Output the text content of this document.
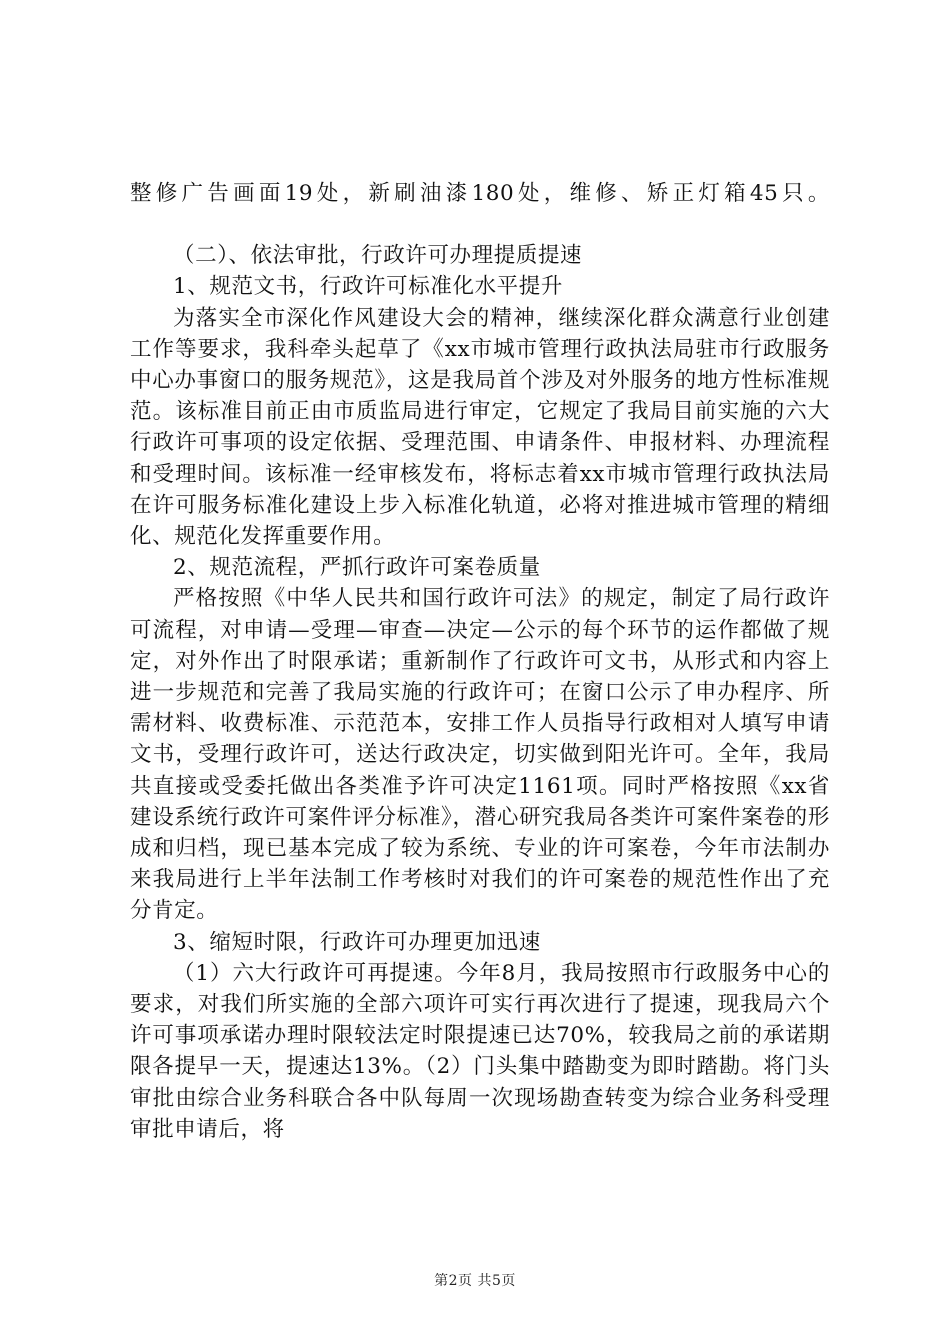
整修广告画面19处，新刷油漆180处，维修、矫正灯箱45只。

（二）、依法审批，行政许可办理提质提速

1、规范文书，行政许可标准化水平提升

为落实全市深化作风建设大会的精神，继续深化群众满意行业创建工作等要求，我科牵头起草了《xx市城市管理行政执法局驻市行政服务中心办事窗口的服务规范》，这是我局首个涉及对外服务的地方性标准规范。该标准目前正由市质监局进行审定，它规定了我局目前实施的六大行政许可事项的设定依据、受理范围、申请条件、申报材料、办理流程和受理时间。该标准一经审核发布，将标志着xx市城市管理行政执法局在许可服务标准化建设上步入标准化轨道，必将对推进城市管理的精细化、规范化发挥重要作用。

2、规范流程，严抓行政许可案卷质量

严格按照《中华人民共和国行政许可法》的规定，制定了局行政许可流程，对申请—受理—审查—决定—公示的每个环节的运作都做了规定，对外作出了时限承诺；重新制作了行政许可文书，从形式和内容上进一步规范和完善了我局实施的行政许可；在窗口公示了申办程序、所需材料、收费标准、示范范本，安排工作人员指导行政相对人填写申请文书，受理行政许可，送达行政决定，切实做到阳光许可。全年，我局共直接或受委托做出各类准予许可决定1161项。同时严格按照《xx省建设系统行政许可案件评分标准》，潜心研究我局各类许可案件案卷的形成和归档，现已基本完成了较为系统、专业的许可案卷，今年市法制办来我局进行上半年法制工作考核时对我们的许可案卷的规范性作出了充分肯定。

3、缩短时限，行政许可办理更加迅速

（1）六大行政许可再提速。今年8月，我局按照市行政服务中心的要求，对我们所实施的全部六项许可实行再次进行了提速，现我局六个许可事项承诺办理时限较法定时限提速已达70%，较我局之前的承诺期限各提早一天，提速达13%。（2）门头集中踏勘变为即时踏勘。将门头审批由综合业务科联合各中队每周一次现场勘查转变为综合业务科受理审批申请后，将

第2页 共5页
